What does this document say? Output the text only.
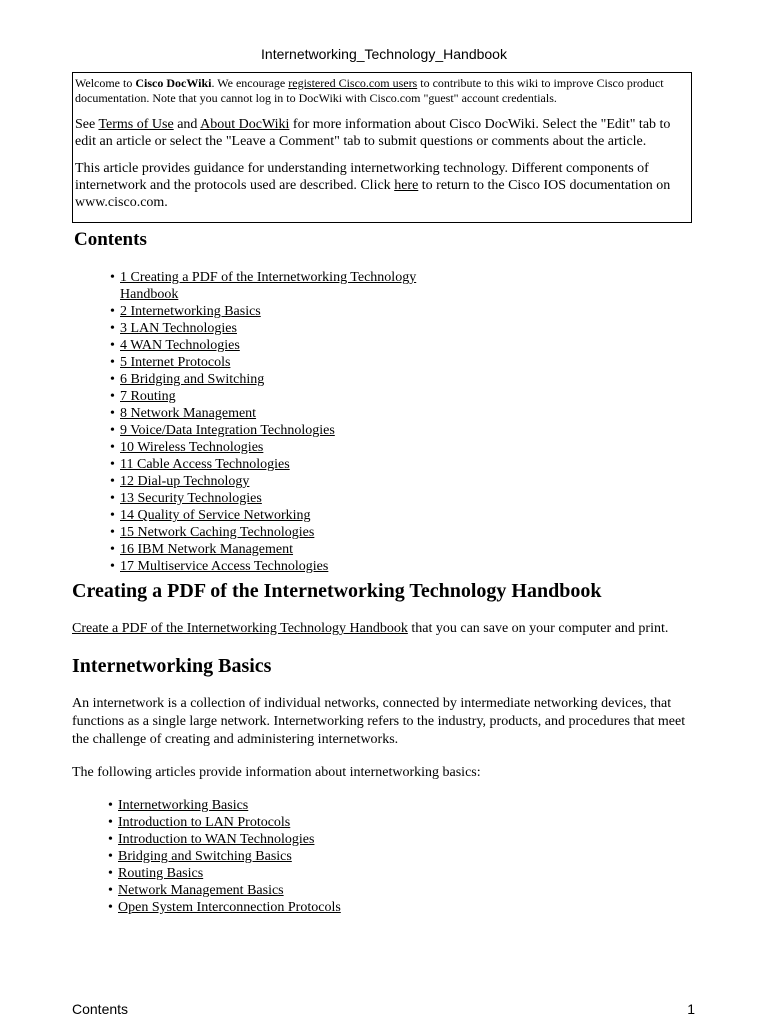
Internetworking_Technology_Handbook

Welcome to Cisco DocWiki. We encourage registered Cisco.com users to contribute to this wiki to improve Cisco product documentation. Note that you cannot log in to DocWiki with Cisco.com "guest" account credentials.

See Terms of Use and About DocWiki for more information about Cisco DocWiki. Select the "Edit" tab to edit an article or select the "Leave a Comment" tab to submit questions or comments about the article.

This article provides guidance for understanding internetworking technology. Different components of internetwork and the protocols used are described. Click here to return to the Cisco IOS documentation on www.cisco.com.

Contents
• 1 Creating a PDF of the Internetworking Technology
Handbook
• 2 Internetworking Basics
• 3 LAN Technologies
• 4 WAN Technologies
• 5 Internet Protocols
• 6 Bridging and Switching
• 7 Routing
• 8 Network Management
• 9 Voice/Data Integration Technologies
• 10 Wireless Technologies
• 11 Cable Access Technologies
• 12 Dial-up Technology
• 13 Security Technologies
• 14 Quality of Service Networking
• 15 Network Caching Technologies
• 16 IBM Network Management
• 17 Multiservice Access Technologies
Creating a PDF of the Internetworking Technology Handbook

Create a PDF of the Internetworking Technology Handbook that you can save on your computer and print.

Internetworking Basics

An internetwork is a collection of individual networks, connected by intermediate networking devices, that functions as a single large network. Internetworking refers to the industry, products, and procedures that meet the challenge of creating and administering internetworks.

The following articles provide information about internetworking basics:

• Internetworking Basics
• Introduction to LAN Protocols
• Introduction to WAN Technologies
• Bridging and Switching Basics
• Routing Basics
• Network Management Basics
• Open System Interconnection Protocols
Contents	1
